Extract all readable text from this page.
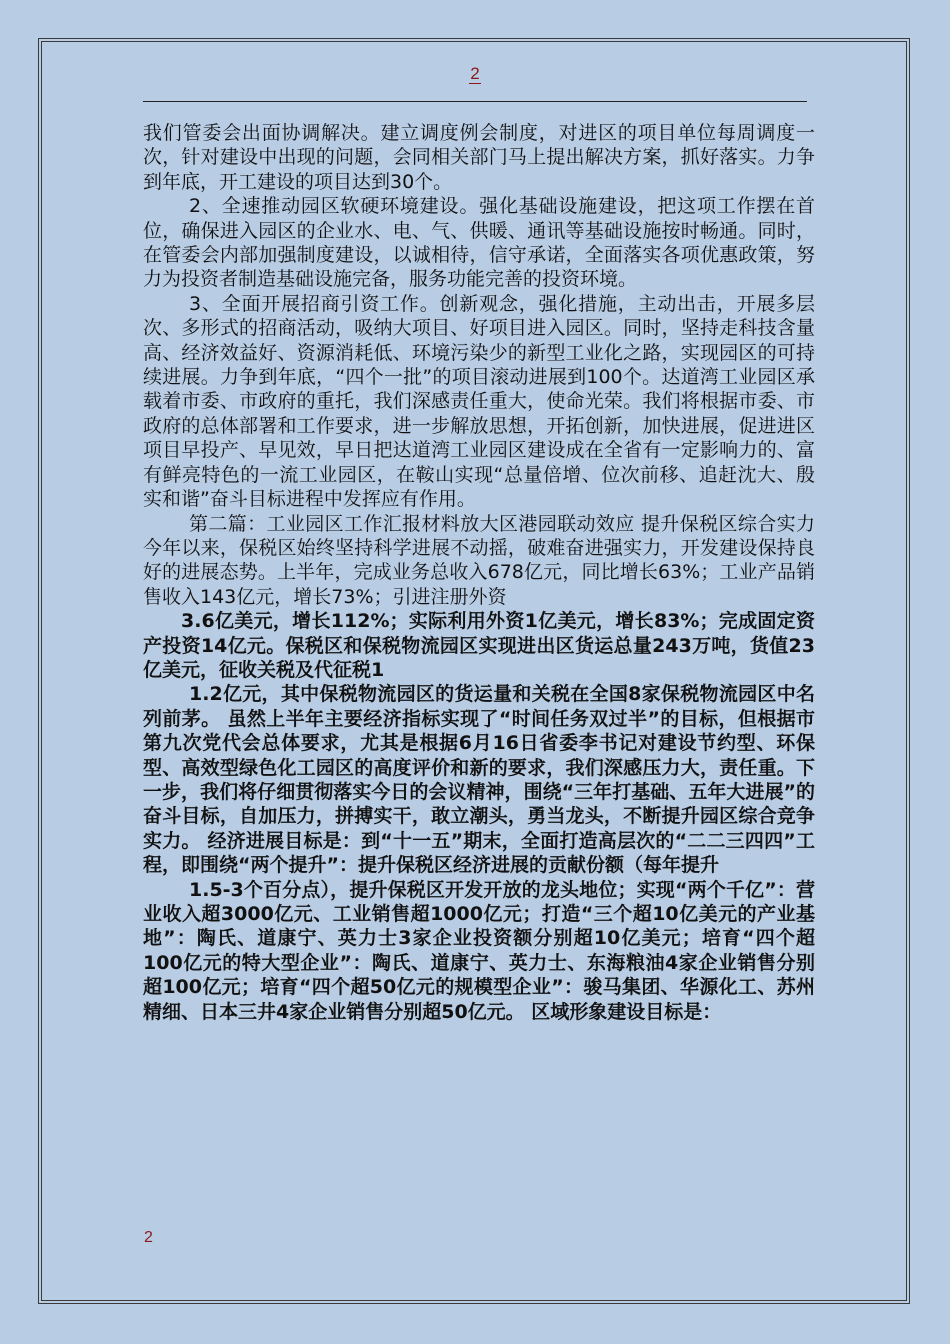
2

我们管委会出面协调解决。建立调度例会制度，对进区的项目单位每周调度一次，针对建设中出现的问题，会同相关部门马上提出解决方案，抓好落实。力争到年底，开工建设的项目达到30个。

2、全速推动园区软硬环境建设。强化基础设施建设，把这项工作摆在首位，确保进入园区的企业水、电、气、供暖、通讯等基础设施按时畅通。同时，在管委会内部加强制度建设，以诚相待，信守承诺，全面落实各项优惠政策，努力为投资者制造基础设施完备，服务功能完善的投资环境。

3、全面开展招商引资工作。创新观念，强化措施，主动出击，开展多层次、多形式的招商活动，吸纳大项目、好项目进入园区。同时，坚持走科技含量高、经济效益好、资源消耗低、环境污染少的新型工业化之路，实现园区的可持续进展。力争到年底，“四个一批”的项目滚动进展到100个。达道湾工业园区承载着市委、市政府的重托，我们深感责任重大，使命光荣。我们将根据市委、市政府的总体部署和工作要求，进一步解放思想，开拓创新，加快进展，促进进区项目早投产、早见效，早日把达道湾工业园区建设成在全省有一定影响力的、富有鲜亮特色的一流工业园区，在鞍山实现“总量倍增、位次前移、追赶沈大、殷实和谐”奋斗目标进程中发挥应有作用。

第二篇：工业园区工作汇报材料放大区港园联动效应 提升保税区综合实力今年以来，保税区始终坚持科学进展不动摇，破难奋进强实力，开发建设保持良好的进展态势。上半年，完成业务总收入678亿元，同比增长63%；工业产品销售收入143亿元，增长73%；引进注册外资

3.6亿美元，增长112%；实际利用外资1亿美元，增长83%；完成固定资产投资14亿元。保税区和保税物流园区实现进出区货运总量243万吨，货值23亿美元，征收关税及代征税1

1.2亿元，其中保税物流园区的货运量和关税在全国8家保税物流园区中名列前茅。 虽然上半年主要经济指标实现了“时间任务双过半”的目标，但根据市第九次党代会总体要求，尤其是根据6月16日省委李书记对建设节约型、环保型、高效型绿色化工园区的高度评价和新的要求，我们深感压力大，责任重。下一步，我们将仔细贯彻落实今日的会议精神，围绕“三年打基础、五年大进展”的奋斗目标，自加压力，拼搏实干，敢立潮头，勇当龙头，不断提升园区综合竞争实力。 经济进展目标是：到“十一五”期末，全面打造高层次的“二二三四四”工程，即围绕“两个提升”：提升保税区经济进展的贡献份额（每年提升

1.5-3个百分点），提升保税区开发开放的龙头地位；实现“两个千亿”：营业收入超3000亿元、工业销售超1000亿元；打造“三个超10亿美元的产业基地”：陶氏、道康宁、英力士3家企业投资额分别超10亿美元；培育“四个超100亿元的特大型企业”：陶氏、道康宁、英力士、东海粮油4家企业销售分别超100亿元；培育“四个超50亿元的规模型企业”：骏马集团、华源化工、苏州精细、日本三井4家企业销售分别超50亿元。 区域形象建设目标是：

2
